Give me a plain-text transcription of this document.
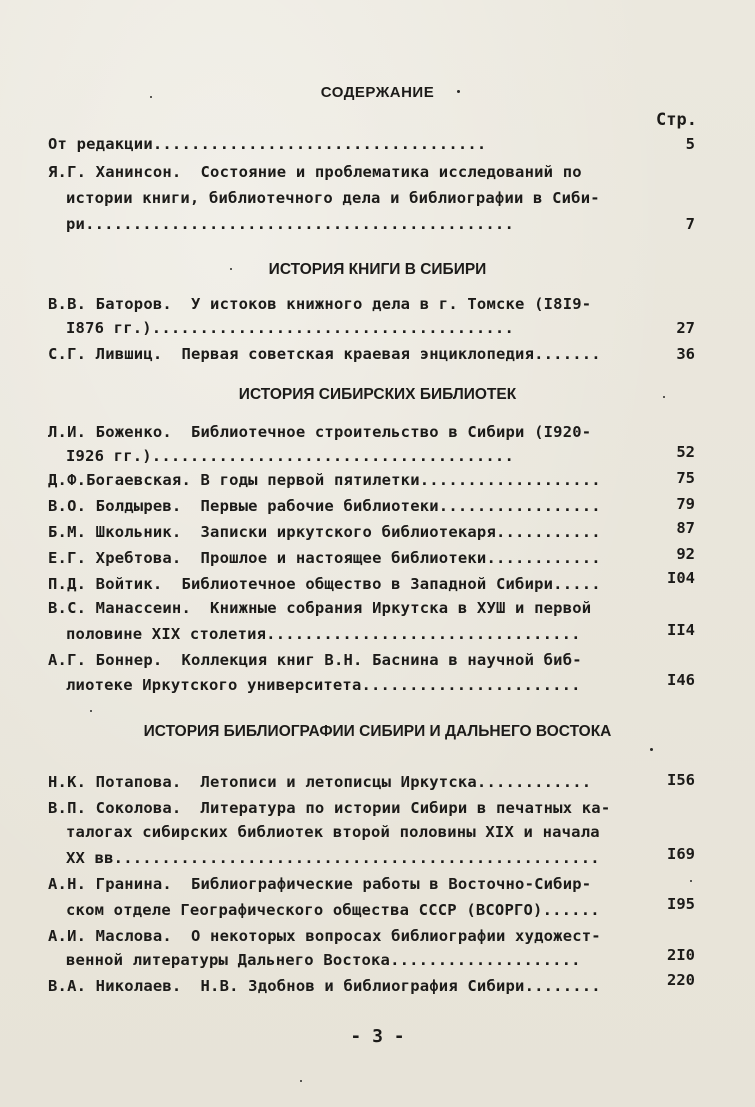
СОДЕРЖАНИЕ
Стр.
От редакции...................................	5
Я.Г. Ханинсон.  Состояние и проблематика исследований по
истории книги, библиотечного дела и библиографии в Сиби-
ри.............................................	7
ИСТОРИЯ КНИГИ В СИБИРИ
В.В. Баторов.  У истоков книжного дела в г. Томске (I8I9-
I876 гг.)......................................	27
С.Г. Лившиц.  Первая советская краевая энциклопедия.......	36
ИСТОРИЯ СИБИРСКИХ БИБЛИОТЕК
Л.И. Боженко.  Библиотечное строительство в Сибири (I920-
I926 гг.)......................................	52
Д.Ф.Богаевская. В годы первой пятилетки...................	75
В.О. Болдырев.  Первые рабочие библиотеки.................	79
Б.М. Школьник.  Записки иркутского библиотекаря...........	87
Е.Г. Хребтова.  Прошлое и настоящее библиотеки............	92
П.Д. Войтик.  Библиотечное общество в Западной Сибири.....	I04
В.С. Манассеин.  Книжные собрания Иркутска в ХУШ и первой
половине XIX столетия.................................	II4
А.Г. Боннер.  Коллекция книг В.Н. Баснина в научной биб-
лиотеке Иркутского университета.......................	I46
ИСТОРИЯ БИБЛИОГРАФИИ СИБИРИ И ДАЛЬНЕГО ВОСТОКА
Н.К. Потапова.  Летописи и летописцы Иркутска............	I56
В.П. Соколова.  Литература по истории Сибири в печатных ка-
талогах сибирских библиотек второй половины XIX и начала
XX вв...................................................	I69
А.Н. Гранина.  Библиографические работы в Восточно-Сибир-
ском отделе Географического общества СССР (ВСОРГО)......	I95
А.И. Маслова.  О некоторых вопросах библиографии художест-
венной литературы Дальнего Востока....................	2I0
В.А. Николаев.  Н.В. Здобнов и библиография Сибири........	220
- 3 -
